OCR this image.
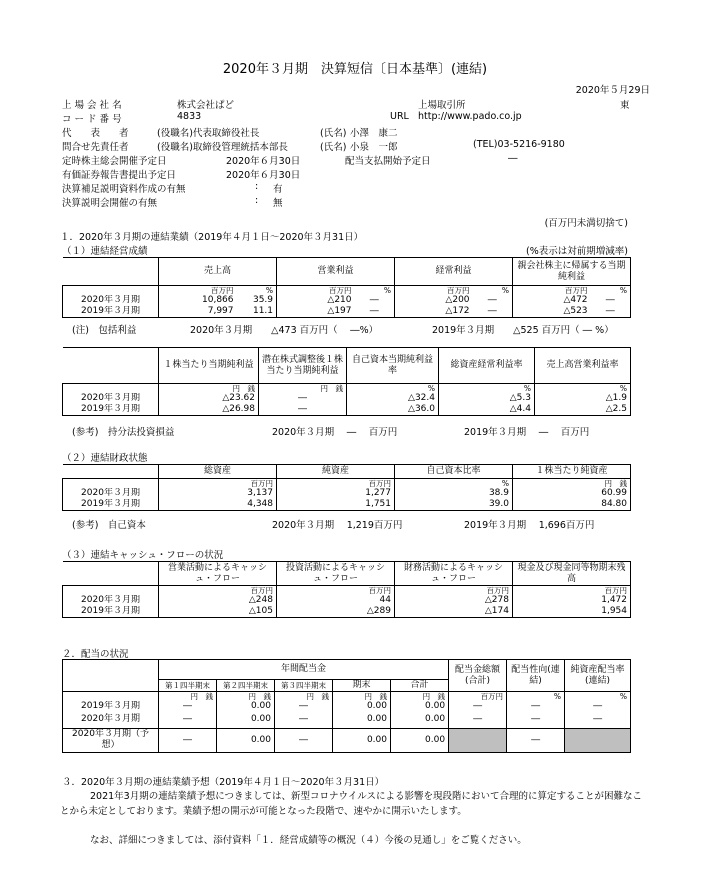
2020年３月期　決算短信〔日本基準〕(連結)
2020年５月29日
上 場 会 社 名	株式会社ぱど	上場取引所	東
コ ー ド 番 号	4833	URL http://www.pado.co.jp
代　　表　　者	(役職名)代表取締役社長	(氏名) 小澤　康二
問合せ先責任者	(役職名)取締役管理統括本部長	(氏名) 小泉　一郎	(TEL)03-5216-9180
定時株主総会開催予定日	2020年６月30日	配当支払開始予定日	―
有価証券報告書提出予定日	2020年６月30日
決算補足説明資料作成の有無	: 有
決算説明会開催の有無	: 無
(百万円未満切捨て)
１．2020年３月期の連結業績（2019年４月１日～2020年３月31日）
（１）連結経営成績	(%表示は対前期増減率)
	売上高		営業利益		経常利益		親会社株主に帰属する当期純利益	
	百万円	%	百万円	%	百万円	%	百万円	%
2020年３月期	10,866	35.9	△210	―	△200	―	△472	―
2019年３月期	7,997	11.1	△197	―	△172	―	△523	―
(注)　包括利益	2020年３月期　　△473 百万円（　 ―%）	2019年３月期　　△525 百万円（ ― %）
	１株当たり当期純利益	潜在株式調整後１株当たり当期純利益	自己資本当期純利益率	総資産経常利益率	売上高営業利益率
	円　銭	円　銭	%	%	%
2020年３月期	△23.62	―	△32.4	△5.3	△1.9
2019年３月期	△26.98	―	△36.0	△4.4	△2.5
(参考)　持分法投資損益	2020年３月期　 ―　 百万円	2019年３月期　 ―　 百万円
（２）連結財政状態
	総資産	純資産	自己資本比率	１株当たり純資産
	百万円	百万円	%	円　銭
2020年３月期	3,137	1,277	38.9	60.99
2019年３月期	4,348	1,751	39.0	84.80
(参考)　自己資本	2020年３月期　 1,219百万円	2019年３月期　 1,696百万円
（３）連結キャッシュ・フローの状況
	営業活動によるキャッシュ・フロー	投資活動によるキャッシュ・フロー	財務活動によるキャッシュ・フロー	現金及び現金同等物期末残高
	百万円	百万円	百万円	百万円
2020年３月期	△248	44	△278	1,472
2019年３月期	△105	△289	△174	1,954
２．配当の状況
	年間配当金					配当金総額(合計)	配当性向(連結)	純資産配当率(連結)
	第１四半期末	第２四半期末	第３四半期末	期末	合計			
	円　銭	円　銭	円　銭	円　銭	円　銭	百万円	%	%
2019年３月期	―	0.00	―	0.00	0.00	―	―	―
2020年３月期	―	0.00	―	0.00	0.00	―	―	―
2020年３月期（予想）	―	0.00	―	0.00	0.00		―	
３．2020年３月期の連結業績予想（2019年４月１日～2020年３月31日）
2021年3月期の連結業績予想につきましては、新型コロナウイルスによる影響を現段階において合理的に算定することが困難なことから未定としております。業績予想の開示が可能となった段階で、速やかに開示いたします。
なお、詳細につきましては、添付資料「１．経営成績等の概況（４）今後の見通し」をご覧ください。
